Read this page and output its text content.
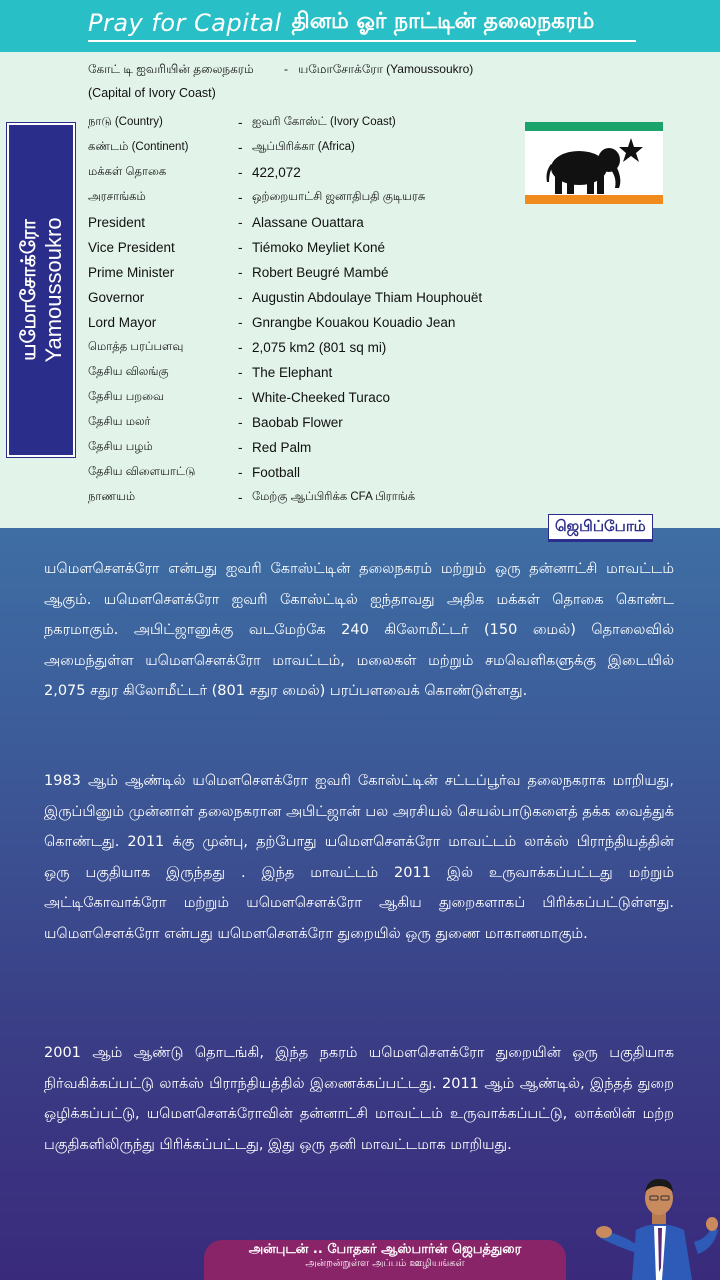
Pray for Capital தினம் ஓர் நாட்டின் தலைநகரம்
கோட் டி ஐவரியின் தலைநகரம்	- யமோசோக்ரோ (Yamoussoukro)
(Capital of Ivory Coast)
நாடு (Country)	- ஐவரி கோஸ்ட் (Ivory Coast)
கண்டம் (Continent)	- ஆப்பிரிக்கா (Africa)
மக்கள் தொகை	- 422,072
அரசாங்கம்	- ஒற்றையாட்சி ஜனாதிபதி குடியரசு
President	- Alassane Ouattara
Vice President	- Tiémoko Meyliet Koné
Prime Minister	- Robert Beugré Mambé
Governor	- Augustin Abdoulaye Thiam Houphouët
Lord Mayor	- Gnrangbe Kouakou Kouadio Jean
மொத்த பரப்பளவு	- 2,075 km2 (801 sq mi)
தேசிய விலங்கு	- The Elephant
தேசிய பறவை	- White-Cheeked Turaco
தேசிய மலர்	- Baobab Flower
தேசிய பழம்	- Red Palm
தேசிய விளையாட்டு	- Football
நாணயம்	- மேற்கு ஆப்பிரிக்க CFA பிராங்க்
யமோசோக்ரோ Yamoussoukro

யமௌசௌக்ரோ என்பது ஐவரி கோஸ்ட்டின் தலைநகரம் மற்றும் ஒரு தன்னாட்சி மாவட்டம் ஆகும். யமௌசௌக்ரோ ஐவரி கோஸ்ட்டில் ஐந்தாவது அதிக மக்கள் தொகை கொண்ட நகரமாகும். அபிட்ஜானுக்கு வடமேற்கே 240 கிலோமீட்டர் (150 மைல்) தொலைவில் அமைந்துள்ள யமௌசௌக்ரோ மாவட்டம், மலைகள் மற்றும் சமவெளிகளுக்கு இடையில் 2,075 சதுர கிலோமீட்டர் (801 சதுர மைல்) பரப்பளவைக் கொண்டுள்ளது.

1983 ஆம் ஆண்டில் யமௌசௌக்ரோ ஐவரி கோஸ்ட்டின் சட்டப்பூர்வ தலைநகராக மாறியது, இருப்பினும் முன்னாள் தலைநகரான அபிட்ஜான் பல அரசியல் செயல்பாடுகளைத் தக்க வைத்துக் கொண்டது. 2011 க்கு முன்பு, தற்போது யமௌசௌக்ரோ மாவட்டம் லாக்ஸ் பிராந்தியத்தின் ஒரு பகுதியாக இருந்தது . இந்த மாவட்டம் 2011 இல் உருவாக்கப்பட்டது மற்றும் அட்டிகோவாக்ரோ மற்றும் யமௌசௌக்ரோ ஆகிய துறைகளாகப் பிரிக்கப்பட்டுள்ளது. யமௌசௌக்ரோ என்பது யமௌசௌக்ரோ துறையில் ஒரு துணை மாகாணமாகும்.

2001 ஆம் ஆண்டு தொடங்கி, இந்த நகரம் யமௌசௌக்ரோ துறையின் ஒரு பகுதியாக நிர்வகிக்கப்பட்டு லாக்ஸ் பிராந்தியத்தில் இணைக்கப்பட்டது. 2011 ஆம் ஆண்டில், இந்தத் துறை ஒழிக்கப்பட்டு, யமௌசௌக்ரோவின் தன்னாட்சி மாவட்டம் உருவாக்கப்பட்டு, லாக்ஸின் மற்ற பகுதிகளிலிருந்து பிரிக்கப்பட்டது, இது ஒரு தனி மாவட்டமாக மாறியது.

ஜெபிப்போம்
அன்புடன் .. போதகர் ஆஸ்பார்ன் ஜெபத்துரை
அன்றன்றுள்ள அப்பம் ஊழியங்கள்
